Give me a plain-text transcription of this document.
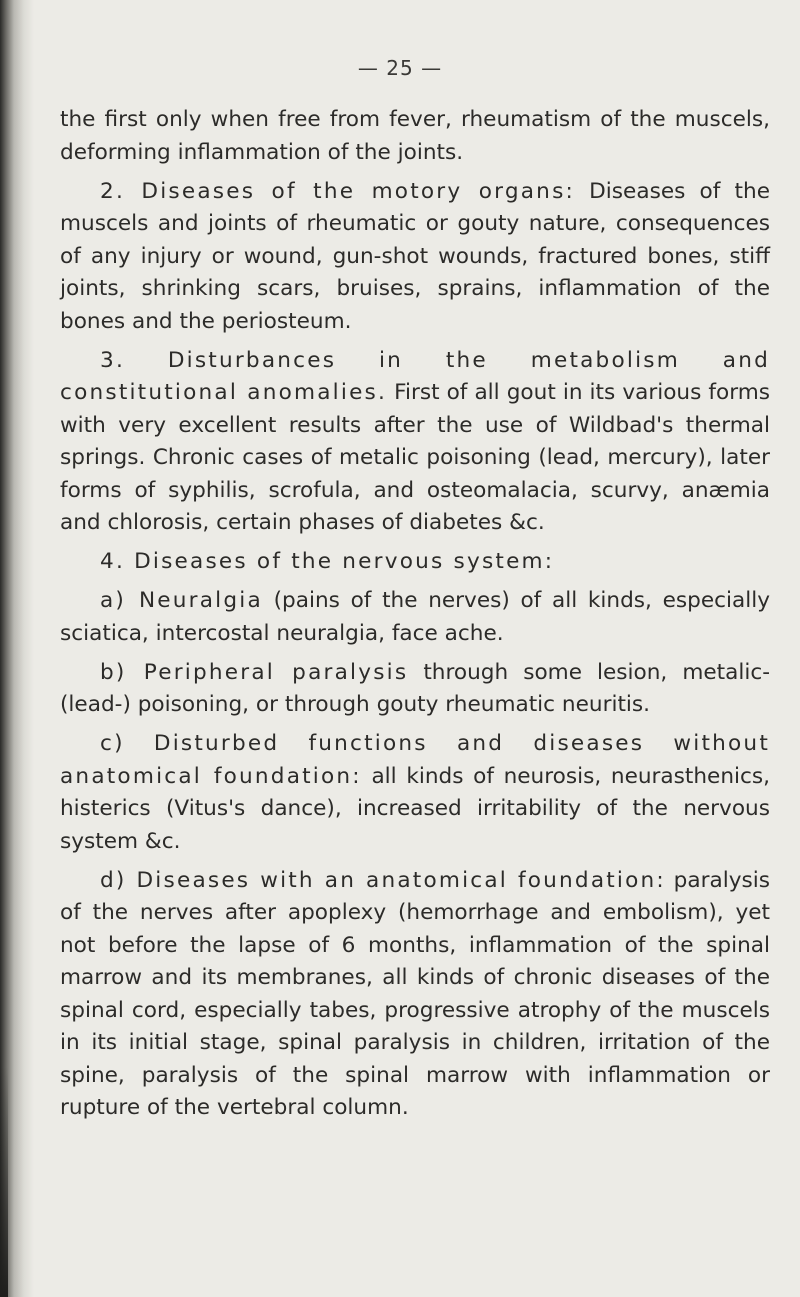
— 25 —

the first only when free from fever, rheumatism of the muscels, deforming inflammation of the joints.

2. Diseases of the motory organs: Diseases of the muscels and joints of rheumatic or gouty nature, consequences of any injury or wound, gun-shot wounds, fractured bones, stiff joints, shrinking scars, bruises, sprains, inflammation of the bones and the periosteum.

3. Disturbances in the metabolism and constitutional anomalies. First of all gout in its various forms with very excellent results after the use of Wildbad's thermal springs. Chronic cases of metalic poisoning (lead, mercury), later forms of syphilis, scrofula, and osteomalacia, scurvy, anæmia and chlorosis, certain phases of diabetes &c.

4. Diseases of the nervous system:

a) Neuralgia (pains of the nerves) of all kinds, especially sciatica, intercostal neuralgia, face ache.

b) Peripheral paralysis through some lesion, metalic- (lead-) poisoning, or through gouty rheumatic neuritis.

c) Disturbed functions and diseases without anatomical foundation: all kinds of neurosis, neurasthenics, histerics (Vitus's dance), increased irritability of the nervous system &c.

d) Diseases with an anatomical foundation: paralysis of the nerves after apoplexy (hemorrhage and embolism), yet not before the lapse of 6 months, inflammation of the spinal marrow and its membranes, all kinds of chronic diseases of the spinal cord, especially tabes, progressive atrophy of the muscels in its initial stage, spinal paralysis in children, irritation of the spine, paralysis of the spinal marrow with inflammation or rupture of the vertebral column.
